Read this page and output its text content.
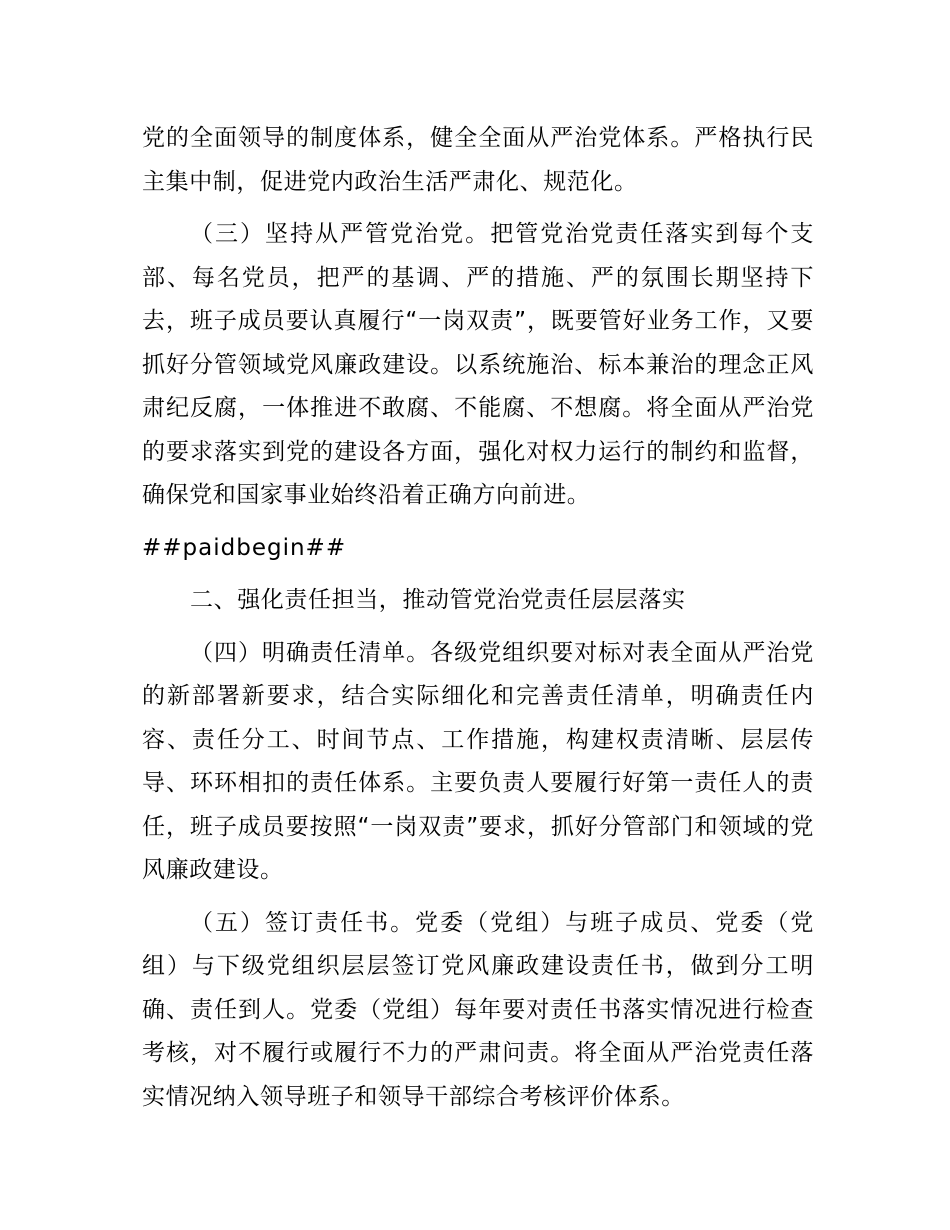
党的全面领导的制度体系，健全全面从严治党体系。严格执行民主集中制，促进党内政治生活严肃化、规范化。

（三）坚持从严管党治党。把管党治党责任落实到每个支部、每名党员，把严的基调、严的措施、严的氛围长期坚持下去，班子成员要认真履行“一岗双责”，既要管好业务工作，又要抓好分管领域党风廉政建设。以系统施治、标本兼治的理念正风肃纪反腐，一体推进不敢腐、不能腐、不想腐。将全面从严治党的要求落实到党的建设各方面，强化对权力运行的制约和监督，确保党和国家事业始终沿着正确方向前进。

##paidbegin##

二、强化责任担当，推动管党治党责任层层落实

（四）明确责任清单。各级党组织要对标对表全面从严治党的新部署新要求，结合实际细化和完善责任清单，明确责任内容、责任分工、时间节点、工作措施，构建权责清晰、层层传导、环环相扣的责任体系。主要负责人要履行好第一责任人的责任，班子成员要按照“一岗双责”要求，抓好分管部门和领域的党风廉政建设。

（五）签订责任书。党委（党组）与班子成员、党委（党组）与下级党组织层层签订党风廉政建设责任书，做到分工明确、责任到人。党委（党组）每年要对责任书落实情况进行检查考核，对不履行或履行不力的严肃问责。将全面从严治党责任落实情况纳入领导班子和领导干部综合考核评价体系。
